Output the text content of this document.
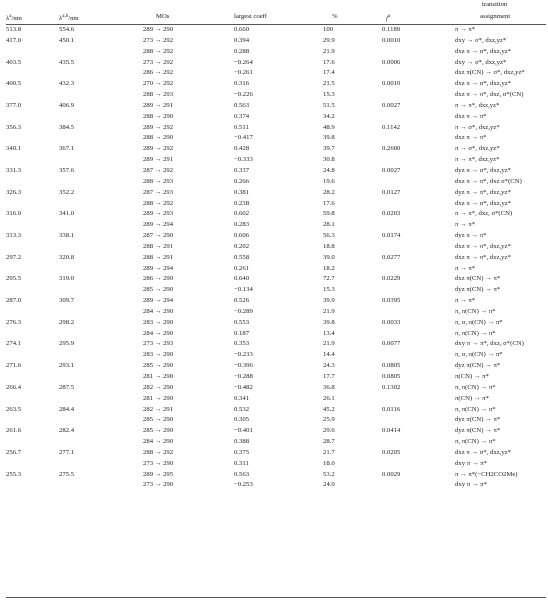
$\lambda^a/nm$	$\lambda^{a,b}/nm$	MOs	largest coeff	%	$f^a$
transition
assignment
513.8	554.6	289 → 290	0.660	100	0.1189	π → π*
417.0	450.1	273 → 292	0.394	29.9	0.0010	dxy → σ*, dxz,yz*
288 → 292	0.288	21.9	dxz π → σ*, dxz,yz*
403.5	435.5	273 → 292	−0.264	17.6	0.0006	dxy → σ*, dxz,yz*
286 → 292	−0.261	17.4	dxz π(CN) → σ*, dxz,yz*
400.5	432.3	270 → 292	0.316	21.5	0.0010	dxz π → σ*, dxz,yz*
288 → 293	−0.226	15.3	dxz π → π*, dxz, σ*(CN)
377.0	406.9	289 → 291	0.563	51.5	0.0027	π → π*, dxz,yz*
288 → 290	0.374	34.2	dxz π → π*
356.3	384.5	289 → 292	0.511	48.9	0.1142	π → σ*, dxz,yz*
288 → 290	−0.417	39.8	dxz π → π*
340.1	367.1	289 → 292	0.428	39.7	0.2600	π → σ*, dxz,yz*
289 → 291	−0.333	30.8	π → π*, dxz,yz*
331.3	357.6	287 → 292	0.337	24.8	0.0027	dyz π → σ*, dxz,yz*
288 → 293	0.266	19.6	dxz π → π*, dxz σ*(CN)
326.3	352.2	287 → 293	0.381	28.2	0.0127	dyz π → π*, dxz,yz*
288 → 292	0.238	17.6	dxz π → σ*, dxz,yz*
316.0	341.0	289 → 293	0.602	59.8	0.0203	π → π*, dxz, σ*(CN)
289 → 294	0.283	28.1	π → π*
313.3	338.1	287 → 290	0.606	56.3	0.0174	dyz π → π*
288 → 291	0.202	18.8	dxz π → π*, dxz,yz*
297.2	320.8	288 → 291	0.558	39.0	0.0277	dxz π → π*, dxz,yz*
289 → 294	0.261	18.2	π → π*
295.5	319.0	286 → 290	0.640	72.7	0.0229	dxz π(CN) → π*
285 → 290	−0.134	15.3	dyz π(CN) → π*
287.0	309.7	289 → 294	0.526	39.9	0.0395	π → π*
284 → 290	−0.289	21.9	π, π(CN) → π*
276.3	298.2	283 → 290	0.553	39.8	0.0033	π, σ, π(CN) → π*
284 → 290	0.187	13.4	π, π(CN) → π*
274.1	295.9	273 → 293	0.353	21.9	0.0077	dxy π → π*, dxz, σ*(CN)
283 → 290	−0.233	14.4	π, σ, π(CN) → π*
271.6	293.1	285 → 290	−0.396	24.3	0.0805	dyz π(CN) → π*
281 → 290	−0.288	17.7	0.0805	π(CN) → π*
266.4	287.5	282 → 290	−0.482	36.8	0.1302	π, π(CN) → π*
281 → 290	0.341	26.1	π(CN) → π*
263.5	284.4	282 → 291	0.532	45.2	0.0116	π, π(CN) → π*
285 → 290	0.305	25.9	dyz π(CN) → π*
261.6	282.4	285 → 290	−0.401	29.6	0.0414	dyz π(CN) → π*
284 → 290	0.388	28.7	π, π(CN) → π*
256.7	277.1	288 → 292	0.375	21.7	0.0205	dxz π → σ*, dxz,yz*
273 → 290	0.311	18.0	dxy π → π*
255.3	275.5	289 → 295	0.563	53.2	0.0029	π → π*(−CH2CO2Me)
273 → 290	−0.253	24.0	dxy π → π*
